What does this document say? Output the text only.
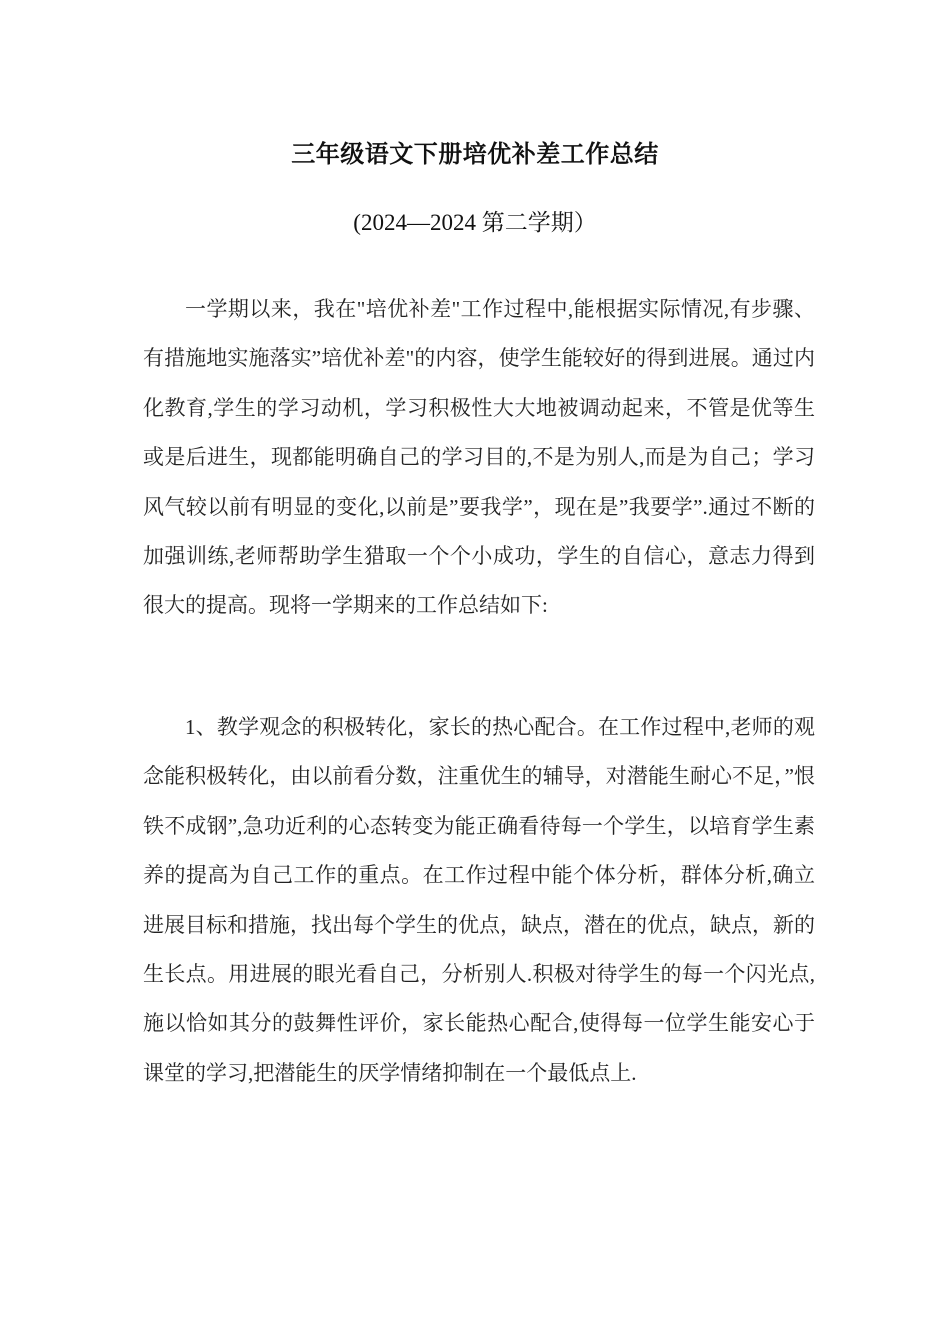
三年级语文下册培优补差工作总结
(2024—2024 第二学期）

一学期以来，我在"培优补差"工作过程中,能根据实际情况,有步骤、有措施地实施落实”培优补差"的内容，使学生能较好的得到进展。通过内化教育,学生的学习动机，学习积极性大大地被调动起来，不管是优等生或是后进生，现都能明确自己的学习目的,不是为别人,而是为自己；学习风气较以前有明显的变化,以前是”要我学”，现在是”我要学”.通过不断的加强训练,老师帮助学生猎取一个个小成功，学生的自信心，意志力得到很大的提高。现将一学期来的工作总结如下:

1、教学观念的积极转化，家长的热心配合。在工作过程中,老师的观念能积极转化，由以前看分数，注重优生的辅导，对潜能生耐心不足，”恨铁不成钢”,急功近利的心态转变为能正确看待每一个学生，以培育学生素养的提高为自己工作的重点。在工作过程中能个体分析，群体分析,确立进展目标和措施，找出每个学生的优点，缺点，潜在的优点，缺点，新的生长点。用进展的眼光看自己，分析别人.积极对待学生的每一个闪光点,施以恰如其分的鼓舞性评价，家长能热心配合,使得每一位学生能安心于课堂的学习,把潜能生的厌学情绪抑制在一个最低点上.
